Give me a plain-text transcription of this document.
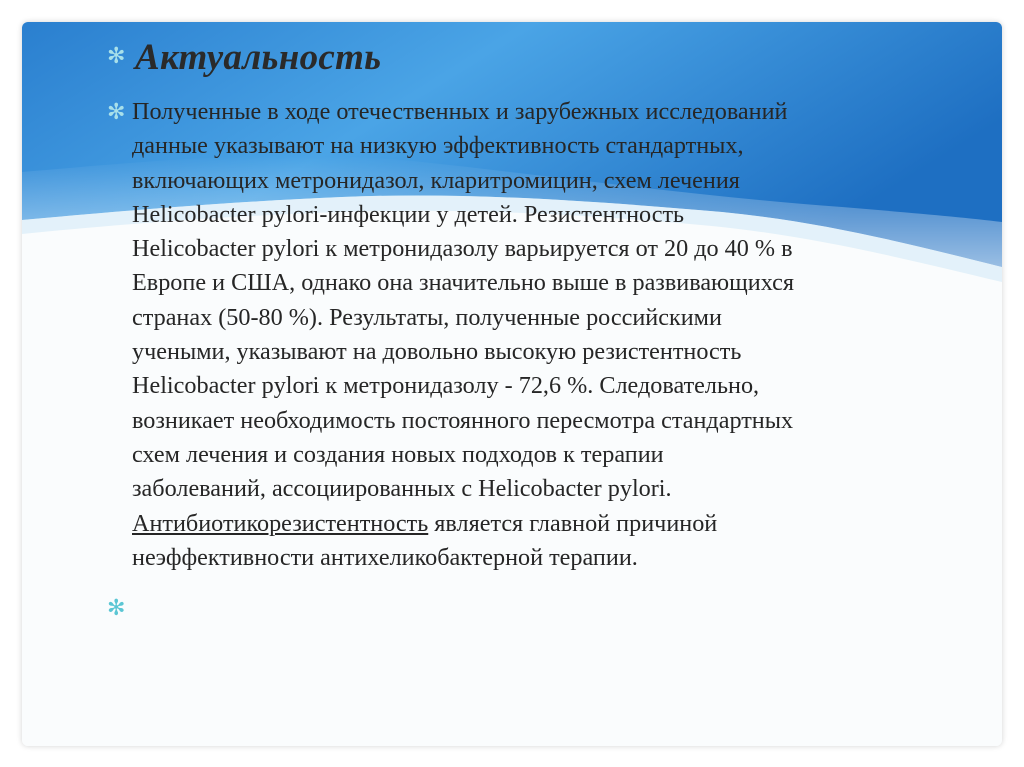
✻ Актуальность
✻ Полученные в ходе отечественных и зарубежных исследований
данные указывают на низкую эффективность стандартных,
включающих метронидазол, кларитромицин, схем лечения
Helicobacter pylori-инфекции у детей. Резистентность
Helicobacter pylori к метронидазолу варьируется от 20 до 40 % в
Европе и США, однако она значительно выше в развивающихся
странах (50-80 %). Результаты, полученные российскими
учеными, указывают на довольно высокую резистентность
Helicobacter pylori к метронидазолу - 72,6 %. Следовательно,
возникает необходимость постоянного пересмотра стандартных
схем лечения и создания новых подходов к терапии
заболеваний, ассоциированных с Helicobacter pylori.
Антибиотикорезистентность является главной причиной
неэффективности антихеликобактерной терапии.
✻
